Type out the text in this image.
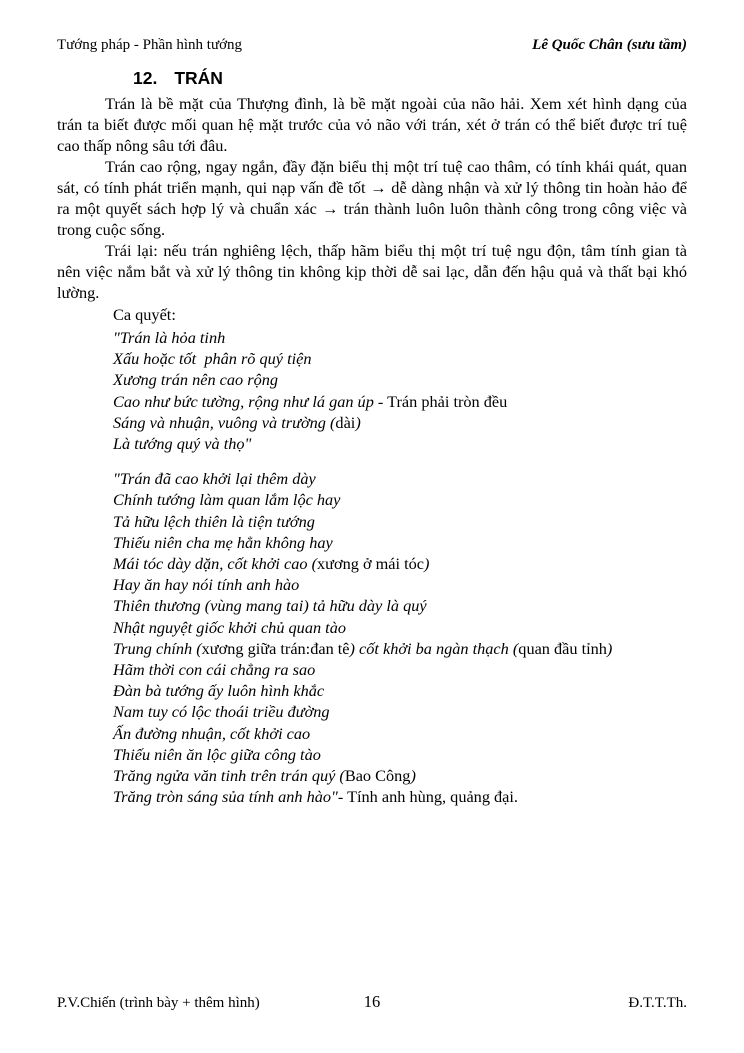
Tướng pháp - Phần hình tướng	Lê Quốc Chân (sưu tầm)
12. TRÁN

Trán là bề mặt của Thượng đình, là bề mặt ngoài của não hải. Xem xét hình dạng của trán ta biết được mối quan hệ mặt trước của vỏ não với trán, xét ở trán có thể biết được trí tuệ cao thấp nông sâu tới đâu.

Trán cao rộng, ngay ngắn, đầy đặn biểu thị một trí tuệ cao thâm, có tính khái quát, quan sát, có tính phát triển mạnh, qui nạp vấn đề tốt → dễ dàng nhận và xử lý thông tin hoàn hảo để ra một quyết sách hợp lý và chuẩn xác → trán thành luôn luôn thành công trong công việc và trong cuộc sống.

Trái lại: nếu trán nghiêng lệch, thấp hãm biểu thị một trí tuệ ngu độn, tâm tính gian tà nên việc nắm bắt và xử lý thông tin không kịp thời dễ sai lạc, dẫn đến hậu quả và thất bại khó lường.

Ca quyết:
"Trán là hỏa tinh
Xấu hoặc tốt  phân rõ quý tiện
Xương trán nên cao rộng
Cao như bức tường, rộng như lá gan úp - Trán phải tròn đều
Sáng và nhuận, vuông và trường (dài)
Là tướng quý và thọ"
"Trán đã cao khởi lại thêm dày
Chính tướng làm quan lắm lộc hay
Tả hữu lệch thiên là tiện tướng
Thiếu niên cha mẹ hẳn không hay
Mái tóc dày dặn, cốt khởi cao (xương ở mái tóc)
Hay ăn hay nói tính anh hào
Thiên thương (vùng mang tai) tả hữu dày là quý
Nhật nguyệt giốc khởi chủ quan tào
Trung chính (xương giữa trán:đan tê) cốt khởi ba ngàn thạch (quan đầu tỉnh)
Hãm thời con cái chẳng ra sao
Đàn bà tướng ấy luôn hình khắc
Nam tuy có lộc thoái triều đường
Ấn đường nhuận, cốt khởi cao
Thiếu niên ăn lộc giữa công tào
Trăng ngửa văn tinh trên trán quý (Bao Công)
Trăng tròn sáng sủa tính anh hào"- Tính anh hùng, quảng đại.
P.V.Chiến (trình bày + thêm hình)	16	Đ.T.T.Th.
